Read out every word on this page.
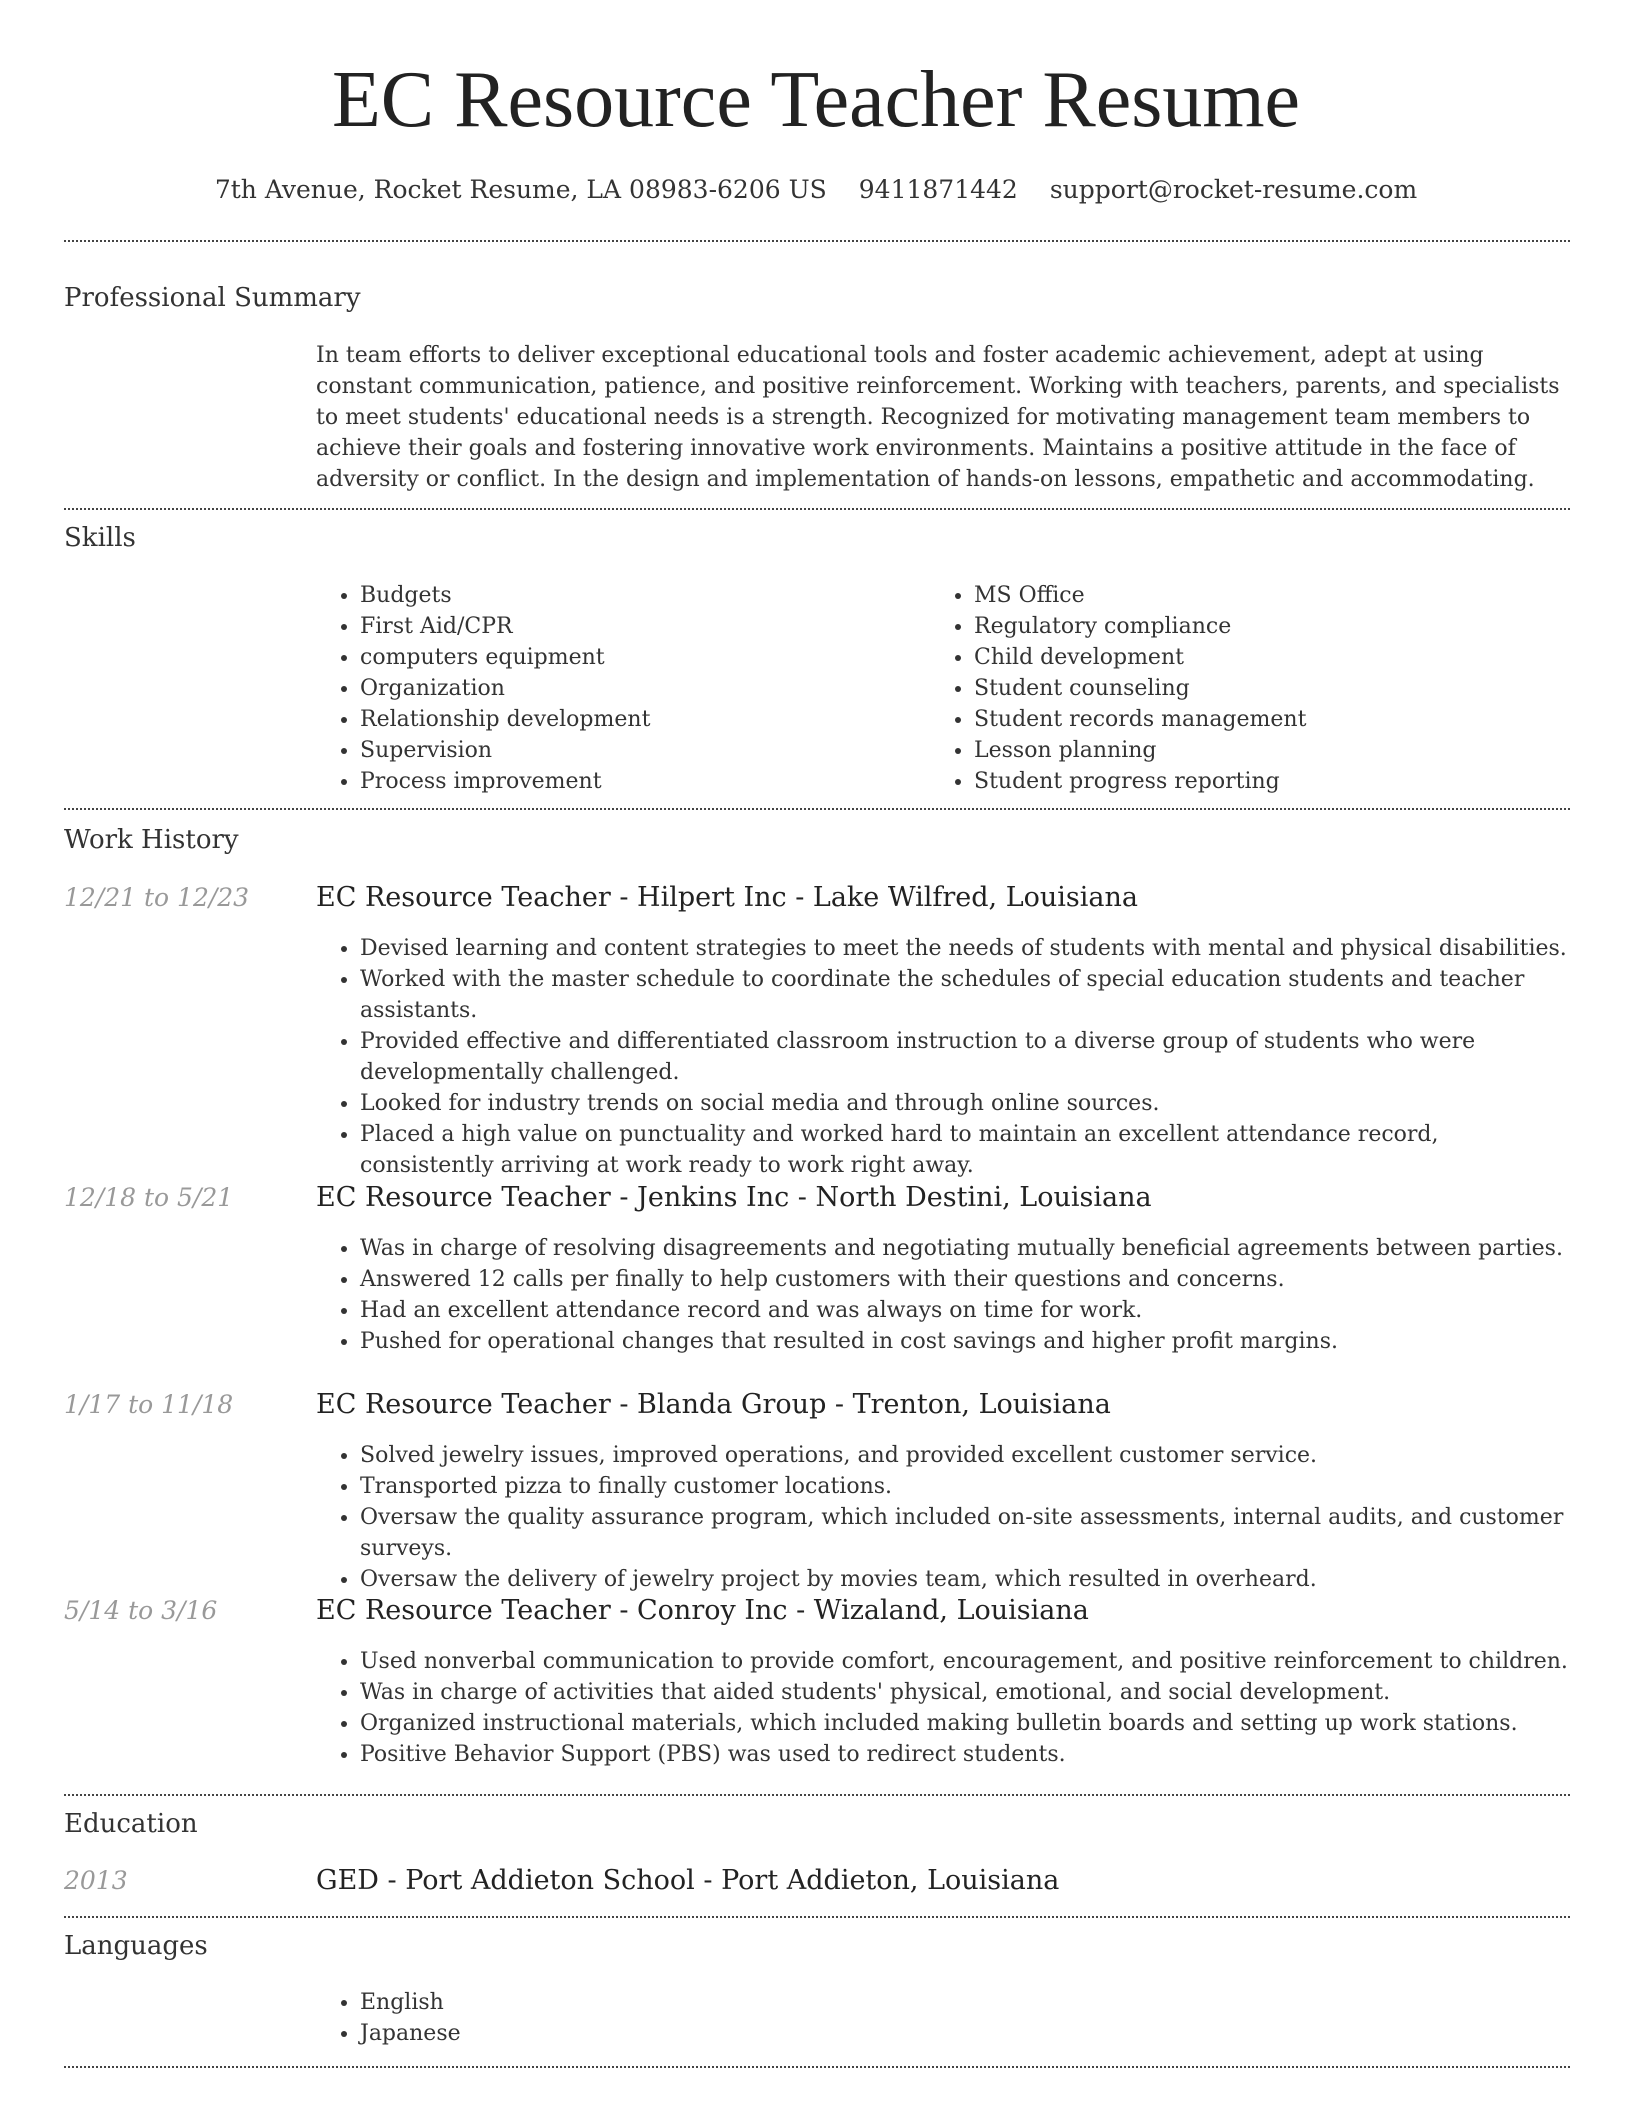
EC Resource Teacher Resume
7th Avenue, Rocket Resume, LA 08983-6206 US 9411871442 support@rocket-resume.com
Professional Summary
In team efforts to deliver exceptional educational tools and foster academic achievement, adept at using constant communication, patience, and positive reinforcement. Working with teachers, parents, and specialists to meet students' educational needs is a strength. Recognized for motivating management team members to achieve their goals and fostering innovative work environments. Maintains a positive attitude in the face of adversity or conflict. In the design and implementation of hands-on lessons, empathetic and accommodating.
Skills
• Budgets
• First Aid/CPR
• computers equipment
• Organization
• Relationship development
• Supervision
• Process improvement
• MS Office
• Regulatory compliance
• Child development
• Student counseling
• Student records management
• Lesson planning
• Student progress reporting
Work History
12/21 to 12/23 EC Resource Teacher - Hilpert Inc - Lake Wilfred, Louisiana
• Devised learning and content strategies to meet the needs of students with mental and physical disabilities.
• Worked with the master schedule to coordinate the schedules of special education students and teacher assistants.
• Provided effective and differentiated classroom instruction to a diverse group of students who were developmentally challenged.
• Looked for industry trends on social media and through online sources.
• Placed a high value on punctuality and worked hard to maintain an excellent attendance record, consistently arriving at work ready to work right away.
12/18 to 5/21	EC Resource Teacher - Jenkins Inc - North Destini, Louisiana
• Was in charge of resolving disagreements and negotiating mutually beneficial agreements between parties.
• Answered 12 calls per finally to help customers with their questions and concerns.
• Had an excellent attendance record and was always on time for work.
• Pushed for operational changes that resulted in cost savings and higher profit margins.
1/17 to 11/18	EC Resource Teacher - Blanda Group - Trenton, Louisiana
• Solved jewelry issues, improved operations, and provided excellent customer service.
• Transported pizza to finally customer locations.
• Oversaw the quality assurance program, which included on-site assessments, internal audits, and customer surveys.
• Oversaw the delivery of jewelry project by movies team, which resulted in overheard.
5/14 to 3/16	EC Resource Teacher - Conroy Inc - Wizaland, Louisiana
• Used nonverbal communication to provide comfort, encouragement, and positive reinforcement to children.
• Was in charge of activities that aided students' physical, emotional, and social development.
• Organized instructional materials, which included making bulletin boards and setting up work stations.
• Positive Behavior Support (PBS) was used to redirect students.
Education
2013	GED - Port Addieton School - Port Addieton, Louisiana
Languages
• English
• Japanese
